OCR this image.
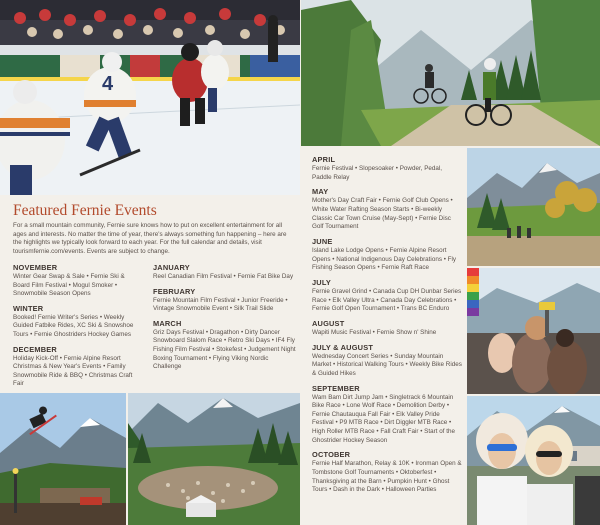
4
Featured Fernie Events

For a small mountain community, Fernie sure knows how to put on excellent entertainment for all ages and interests. No matter the time of year, there's always something fun happening – here are the highlights we typically look forward to each year. For the full calendar and details, visit tourismfernie.com/events. Events are subject to change.

NOVEMBER

Winter Gear Swap & Sale • Fernie Ski & Board Film Festival • Mogul Smoker • Snowmobile Season Opens

WINTER

Booked! Fernie Writer's Series • Weekly Guided Fatbike Rides, XC Ski & Snowshoe Tours • Fernie Ghostriders Hockey Games

DECEMBER

Holiday Kick-Off • Fernie Alpine Resort Christmas & New Year's Events • Family Snowmobile Ride & BBQ • Christmas Craft Fair

JANUARY

Reel Canadian Film Festival • Fernie Fat Bike Day

FEBRUARY

Fernie Mountain Film Festival • Junior Freeride • Vintage Snowmobile Event • Silk Trail Slide

MARCH

Griz Days Festival • Dragathon • Dirty Dancer Snowboard Slalom Race • Retro Ski Days • IF4 Fly Fishing Film Festival • Stokefest • Judgement Night Boxing Tournament • Flying Viking Nordic Challenge

APRIL

Fernie Festival • Slopesoaker • Powder, Pedal, Paddle Relay

MAY

Mother's Day Craft Fair • Fernie Golf Club Opens • White Water Rafting Season Starts • Bi-weekly Classic Car Town Cruise (May-Sept) • Fernie Disc Golf Tournament

JUNE

Island Lake Lodge Opens • Fernie Alpine Resort Opens • National Indigenous Day Celebrations • Fly Fishing Season Opens • Fernie Raft Race

JULY

Fernie Gravel Grind • Canada Cup DH Dunbar Series Race • Elk Valley Ultra • Canada Day Celebrations • Fernie Golf Open Tournament • Trans BC Enduro

AUGUST

Wapiti Music Festival • Fernie Show n' Shine

JULY & AUGUST

Wednesday Concert Series • Sunday Mountain Market • Historical Walking Tours • Weekly Bike Rides & Guided Hikes

SEPTEMBER

Wam Bam Dirt Jump Jam • Singletrack 6 Mountain Bike Race • Lone Wolf Race • Demolition Derby • Fernie Chautauqua Fall Fair • Elk Valley Pride Festival • P9 MTB Race • Dirt Diggler MTB Race • High Roller MTB Race • Fall Craft Fair • Start of the Ghostrider Hockey Season

OCTOBER

Fernie Half Marathon, Relay & 10K • Ironman Open & Tombstone Golf Tournaments • Oktoberfest • Thanksgiving at the Barn • Pumpkin Hunt • Ghost Tours • Dash in the Dark • Halloween Parties
